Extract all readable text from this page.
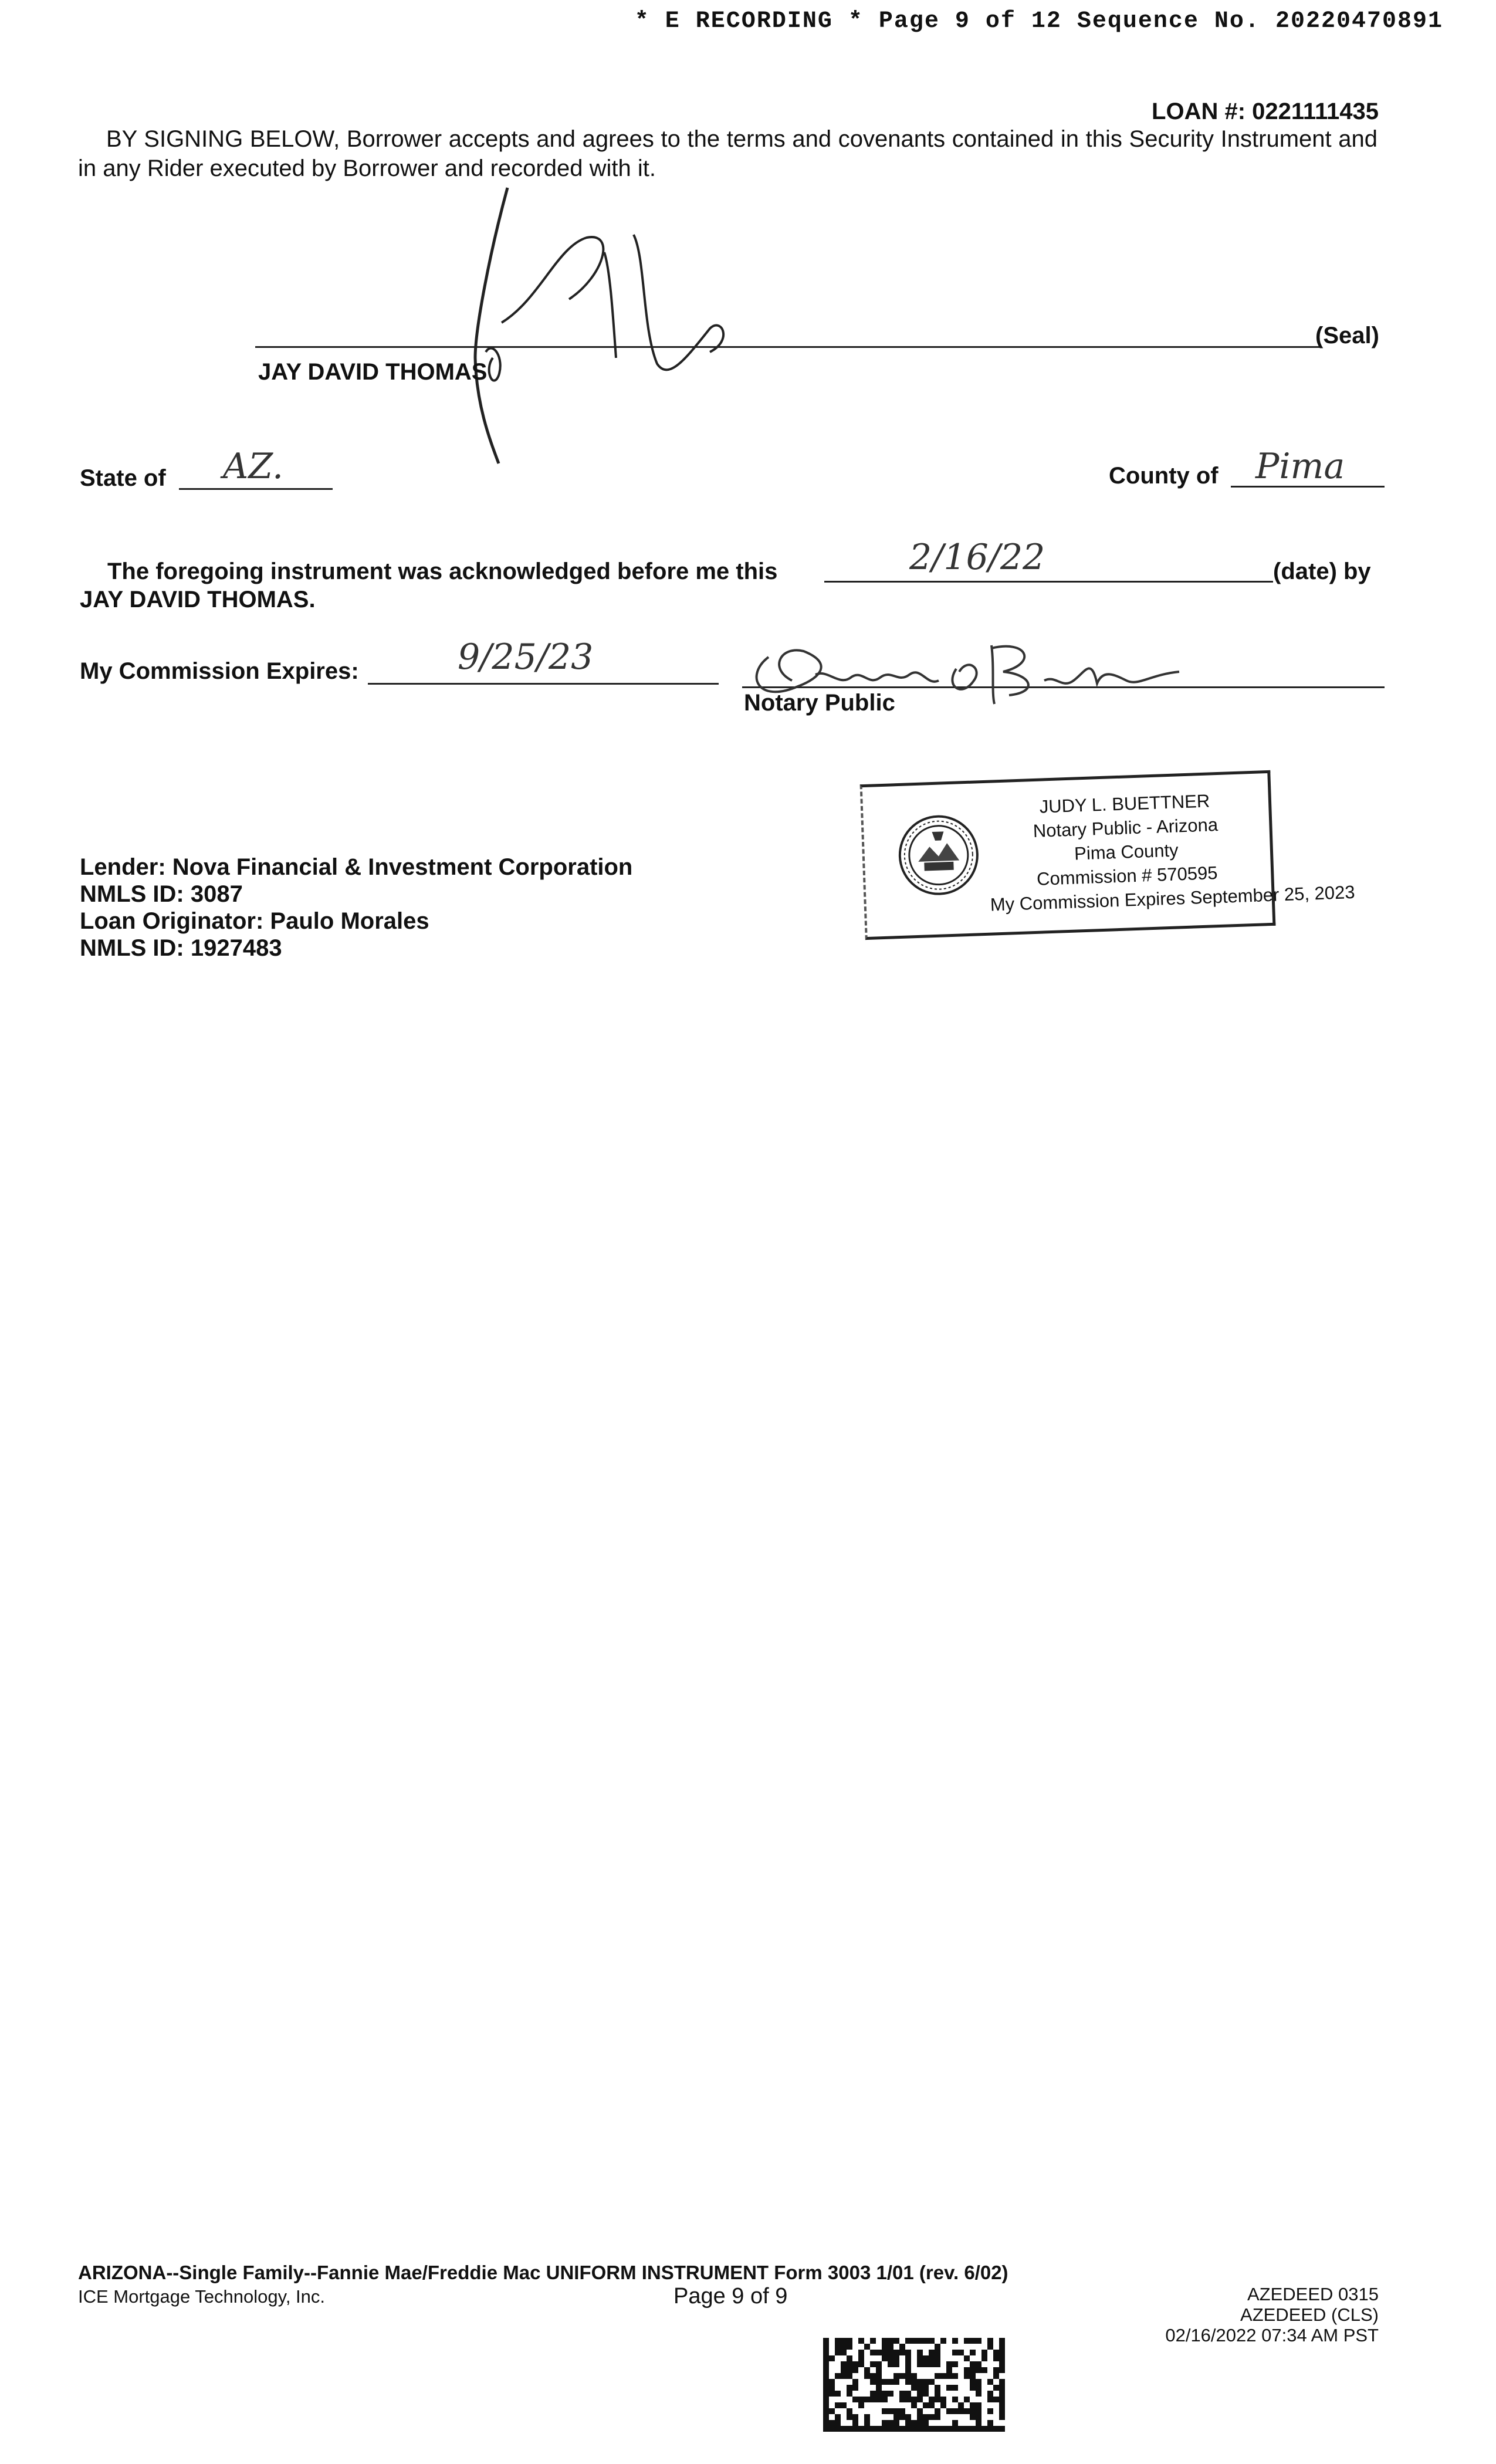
* E RECORDING * Page 9 of 12 Sequence No. 20220470891
LOAN #: 0221111435

BY SIGNING BELOW, Borrower accepts and agrees to the terms and covenants contained in this Security Instrument and in any Rider executed by Borrower and recorded with it.

(Seal)
JAY DAVID THOMAS
State of AZ.	County of Pima
The foregoing instrument was acknowledged before me this	2/16/22	(date) by
JAY DAVID THOMAS.
My Commission Expires:	9/25/23
Notary Public
JUDY L. BUETTNER
Notary Public - Arizona
Pima County
Commission # 570595
My Commission Expires September 25, 2023
Lender: Nova Financial & Investment Corporation
NMLS ID: 3087
Loan Originator: Paulo Morales
NMLS ID: 1927483
ARIZONA--Single Family--Fannie Mae/Freddie Mac UNIFORM INSTRUMENT Form 3003 1/01 (rev. 6/02)
ICE Mortgage Technology, Inc.	Page 9 of 9	AZEDEED 0315
AZEDEED (CLS)
02/16/2022 07:34 AM PST
